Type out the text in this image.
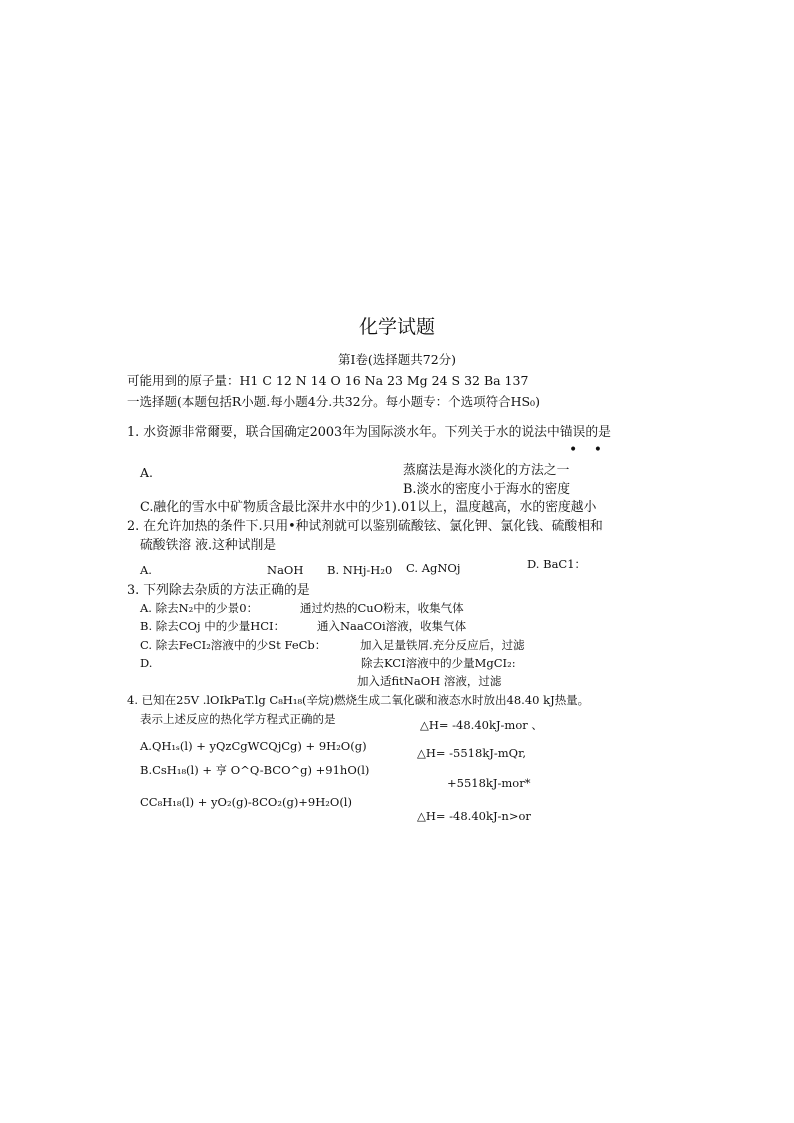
化学试题
第Ⅰ卷(选择题共72分)
可能用到的原子量：H1 C 12 N 14 O 16 Na 23 Mg 24 S 32 Ba 137
一选择题(本题包括R小题.每小题4分.共32分。每小题专：个选项符合HS₀)
1. 水资源非常爾要，联合国确定2003年为国际淡水年。下列关于水的说法中锚误的是
• •
A.	蒸腐法是海水淡化的方法之一
B.淡水的密度小于海水的密度
C.融化的雪水中矿物质含最比深井水中的少1).01以上，温度越高，水的密度越小
2. 在允许加热的条件下.只用•种试剂就可以鉴别硫酸铉、氯化钾、氯化钱、硫酸相和
硫酸铁溶 液.这种试削是
A.	NaOH B. NHj-H₂0 C. AgNOj	D. BaC1：
3. 下列除去杂质的方法正确的是
A. 除去N₂中的少景0：	通过灼热的CuO粉末，收集气体
B. 除去COj 中的少量HCI：	通入NaaCOi溶液，收集气体
C. 除去FeCI₂溶液中的少St FeCb：	加入足量铁屑.充分反应后，过滤
D.	除去KCI溶液中的少量MgCI₂:
加入适fitNaOH 溶液，过滤
4. 已知在25V .lOIkPaT.lg C₈H₁₈(辛烷)燃烧生成二氧化碳和液态水时放出48.40 kJ热量。
表示上述反应的热化学方程式正确的是	△H= -48.40kJ-mor 、
A.QH₁ₛ(l) + yQzCgWCQjCg) + 9H₂O(g)	△H= -5518kJ-mQr,
B.CsH₁₈(l) + 亨 O^Q-BCO^g) +91hO(l)
+5518kJ-mor*
CC₈H₁₈(l) + yO₂(g)-8CO₂(g)+9H₂O(l)
△H= -48.40kJ-n>or
